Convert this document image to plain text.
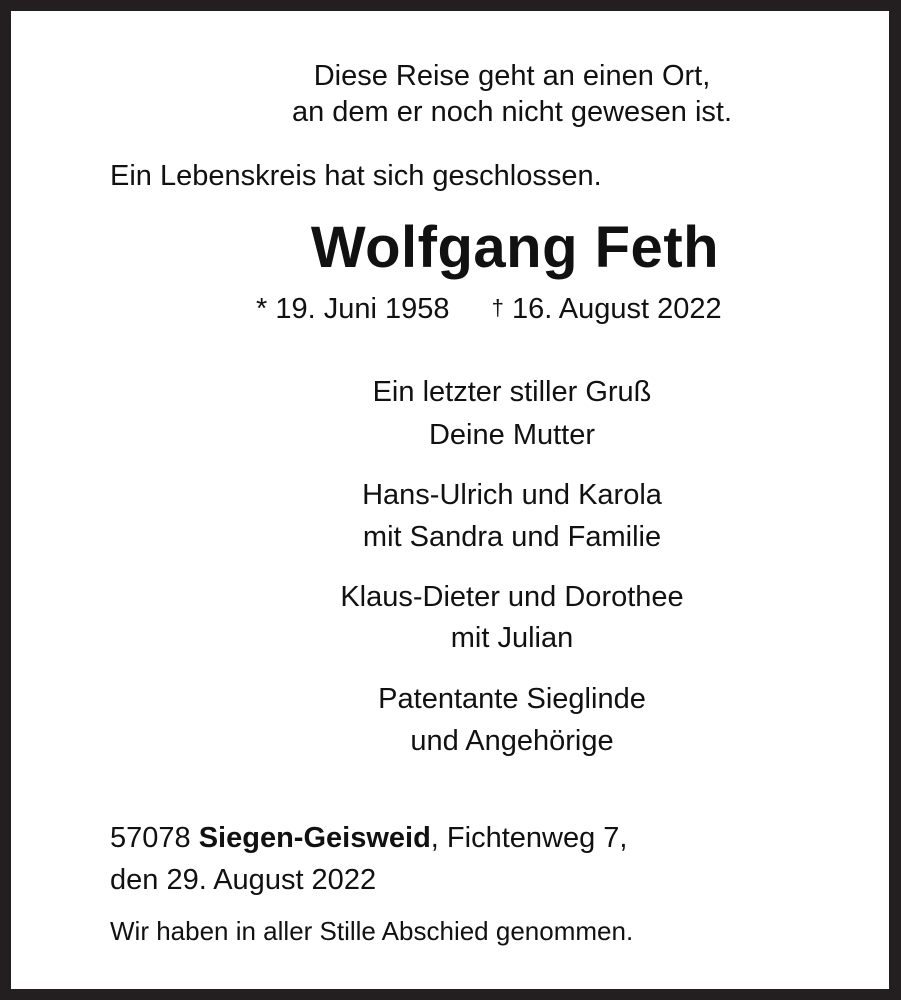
Diese Reise geht an einen Ort,
an dem er noch nicht gewesen ist.
Ein Lebenskreis hat sich geschlossen.
Wolfgang Feth
* 19. Juni 1958 † 16. August 2022
Ein letzter stiller Gruß
Deine Mutter
Hans-Ulrich und Karola
mit Sandra und Familie
Klaus-Dieter und Dorothee
mit Julian
Patentante Sieglinde
und Angehörige
57078 Siegen-Geisweid, Fichtenweg 7,
den 29. August 2022
Wir haben in aller Stille Abschied genommen.
